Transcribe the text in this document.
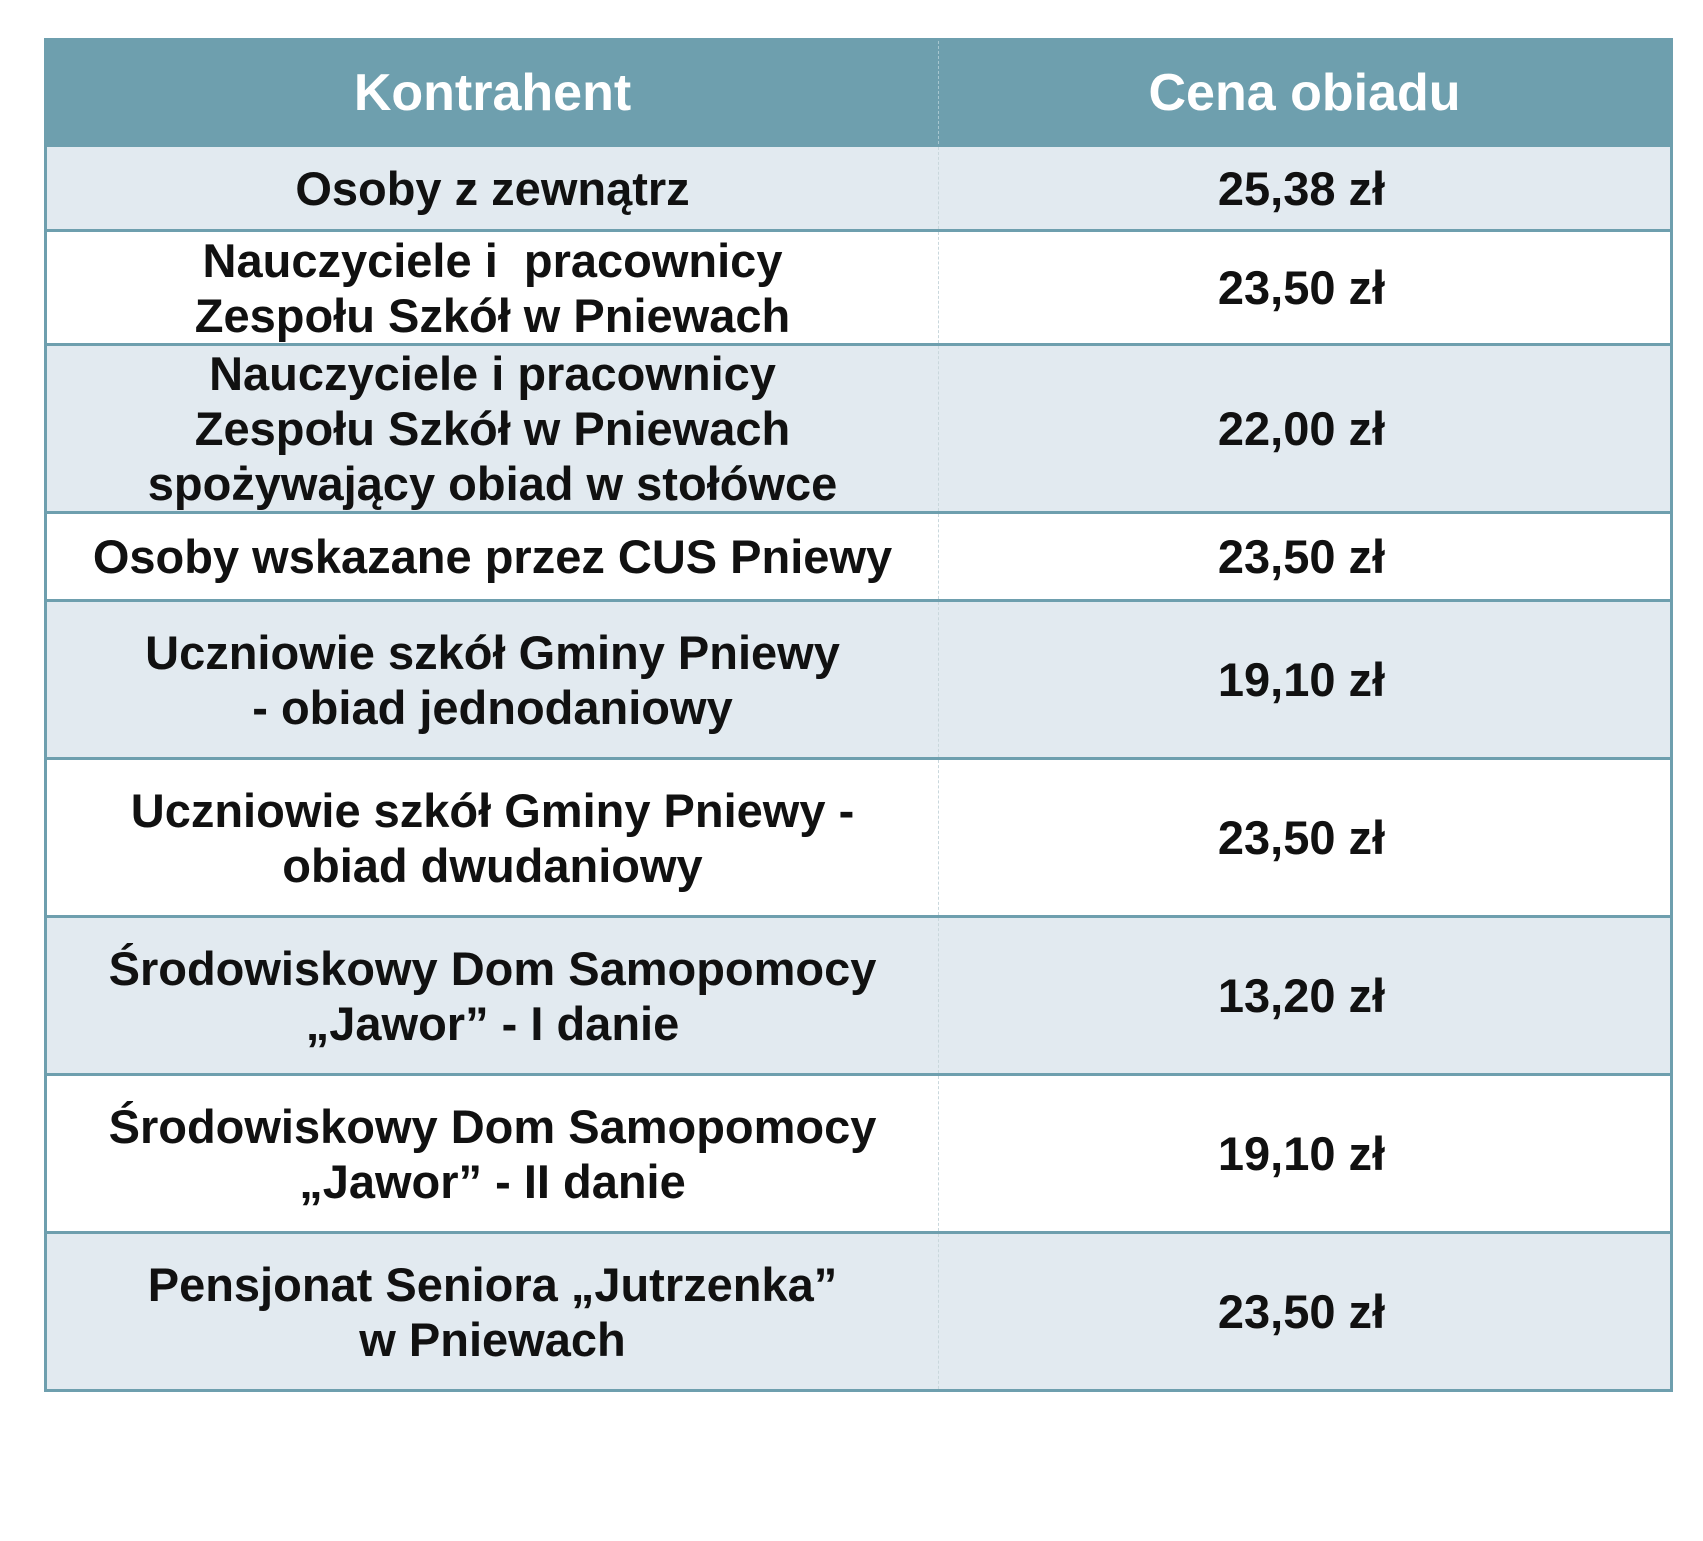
Kontrahent	Cena obiadu

Osoby z zewnątrz	25,38 zł

Nauczyciele i  pracownicy
Zespołu Szkół w Pniewach	23,50 zł

Nauczyciele i pracownicy
Zespołu Szkół w Pniewach
spożywający obiad w stołówce	22,00 zł

Osoby wskazane przez CUS Pniewy	23,50 zł

Uczniowie szkół Gminy Pniewy
- obiad jednodaniowy	19,10 zł

Uczniowie szkół Gminy Pniewy -
obiad dwudaniowy	23,50 zł

Środowiskowy Dom Samopomocy
„Jawor” - I danie	13,20 zł

Środowiskowy Dom Samopomocy
„Jawor” - II danie	19,10 zł

Pensjonat Seniora „Jutrzenka”
w Pniewach	23,50 zł
